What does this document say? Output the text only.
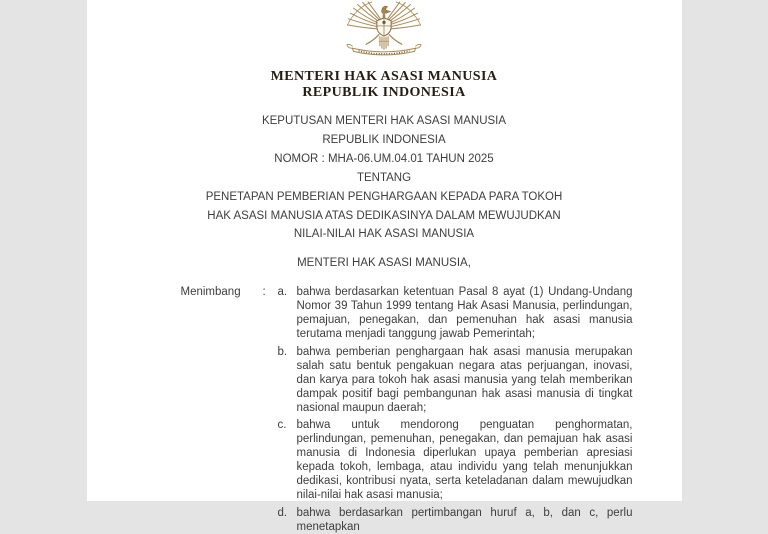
MENTERI HAK ASASI MANUSIA
REPUBLIK INDONESIA
KEPUTUSAN MENTERI HAK ASASI MANUSIA
REPUBLIK INDONESIA
NOMOR : MHA-06.UM.04.01 TAHUN 2025
TENTANG
PENETAPAN PEMBERIAN PENGHARGAAN KEPADA PARA TOKOH
HAK ASASI MANUSIA ATAS DEDIKASINYA DALAM MEWUJUDKAN
NILAI-NILAI HAK ASASI MANUSIA
MENTERI HAK ASASI MANUSIA,
Menimbang	:	a. bahwa berdasarkan ketentuan Pasal 8 ayat (1) Undang-Undang Nomor 39 Tahun 1999 tentang Hak Asasi Manusia, perlindungan, pemajuan, penegakan, dan pemenuhan hak asasi manusia terutama menjadi tanggung jawab Pemerintah;
b. bahwa pemberian penghargaan hak asasi manusia merupakan salah satu bentuk pengakuan negara atas perjuangan, inovasi, dan karya para tokoh hak asasi manusia yang telah memberikan dampak positif bagi pembangunan hak asasi manusia di tingkat nasional maupun daerah;
c. bahwa untuk mendorong penguatan penghormatan, perlindungan, pemenuhan, penegakan, dan pemajuan hak asasi manusia di Indonesia diperlukan upaya pemberian apresiasi kepada tokoh, lembaga, atau individu yang telah menunjukkan dedikasi, kontribusi nyata, serta keteladanan dalam mewujudkan nilai-nilai hak asasi manusia;
d. bahwa berdasarkan pertimbangan huruf a, b, dan c, perlu menetapkan
